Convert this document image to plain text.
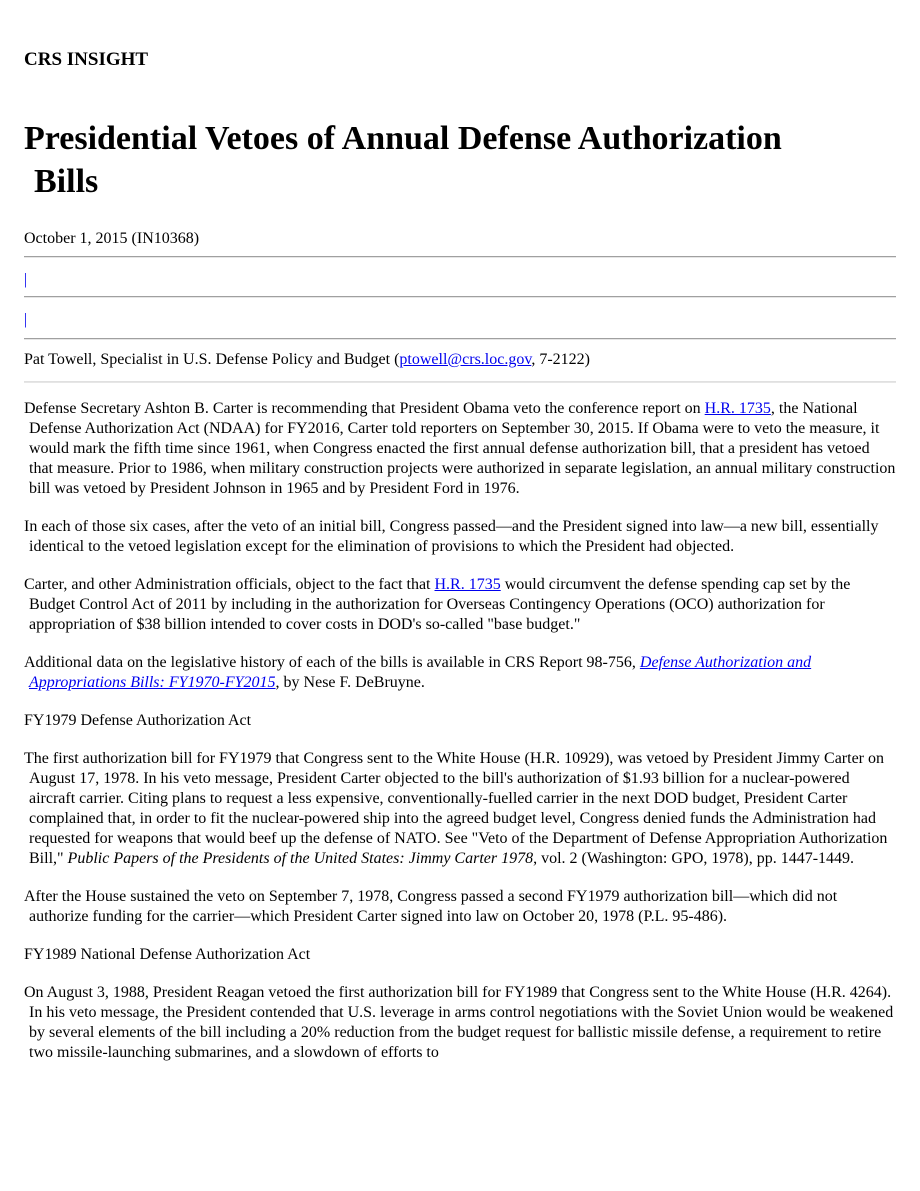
CRS INSIGHT
Presidential Vetoes of Annual Defense Authorization
Bills

October 1, 2015 (IN10368)

|
|

Pat Towell, Specialist in U.S. Defense Policy and Budget (ptowell@crs.loc.gov, 7-2122)

Defense Secretary Ashton B. Carter is recommending that President Obama veto the conference report on H.R. 1735, the National Defense Authorization Act (NDAA) for FY2016, Carter told reporters on September 30, 2015. If Obama were to veto the measure, it would mark the fifth time since 1961, when Congress enacted the first annual defense authorization bill, that a president has vetoed that measure. Prior to 1986, when military construction projects were authorized in separate legislation, an annual military construction bill was vetoed by President Johnson in 1965 and by President Ford in 1976.

In each of those six cases, after the veto of an initial bill, Congress passed—and the President signed into law—a new bill, essentially identical to the vetoed legislation except for the elimination of provisions to which the President had objected.

Carter, and other Administration officials, object to the fact that H.R. 1735 would circumvent the defense spending cap set by the Budget Control Act of 2011 by including in the authorization for Overseas Contingency Operations (OCO) authorization for appropriation of $38 billion intended to cover costs in DOD's so-called "base budget."

Additional data on the legislative history of each of the bills is available in CRS Report 98-756, Defense Authorization and Appropriations Bills: FY1970-FY2015, by Nese F. DeBruyne.

FY1979 Defense Authorization Act

The first authorization bill for FY1979 that Congress sent to the White House (H.R. 10929), was vetoed by President Jimmy Carter on August 17, 1978. In his veto message, President Carter objected to the bill's authorization of $1.93 billion for a nuclear-powered aircraft carrier. Citing plans to request a less expensive, conventionally-fuelled carrier in the next DOD budget, President Carter complained that, in order to fit the nuclear-powered ship into the agreed budget level, Congress denied funds the Administration had requested for weapons that would beef up the defense of NATO. See "Veto of the Department of Defense Appropriation Authorization Bill," Public Papers of the Presidents of the United States: Jimmy Carter 1978, vol. 2 (Washington: GPO, 1978), pp. 1447-1449.

After the House sustained the veto on September 7, 1978, Congress passed a second FY1979 authorization bill—which did not authorize funding for the carrier—which President Carter signed into law on October 20, 1978 (P.L. 95-486).

FY1989 National Defense Authorization Act

On August 3, 1988, President Reagan vetoed the first authorization bill for FY1989 that Congress sent to the White House (H.R. 4264). In his veto message, the President contended that U.S. leverage in arms control negotiations with the Soviet Union would be weakened by several elements of the bill including a 20% reduction from the budget request for ballistic missile defense, a requirement to retire two missile-launching submarines, and a slowdown of efforts to
